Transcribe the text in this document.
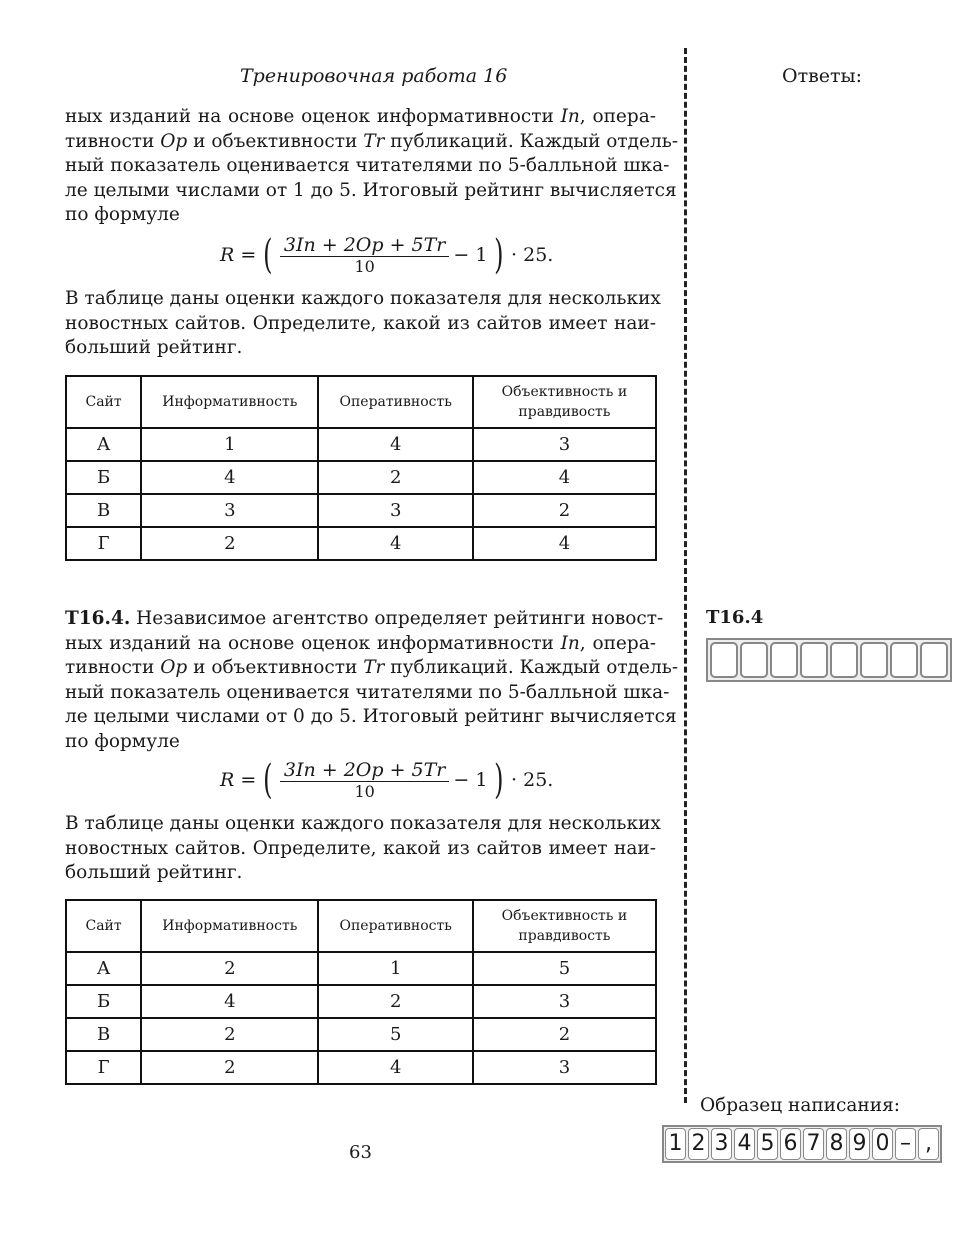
Тренировочная работа 16	Ответы:
ных изданий на основе оценок информативности In, опера-
тивности Op и объективности Tr публикаций. Каждый отдель-
ный показатель оценивается читателями по 5-балльной шка-
ле целыми числами от 1 до 5. Итоговый рейтинг вычисляется
по формуле
R = ( $\frac{3In + 2Op + 5Tr}{10} - 1$ ) · 25.
В таблице даны оценки каждого показателя для нескольких
новостных сайтов. Определите, какой из сайтов имеет наи-
больший рейтинг.
Сайт	Информативность	Оперативность	Объективность и правдивость
А	1	4	3
Б	4	2	4
В	3	3	2
Г	2	4	4
T16.4. Независимое агентство определяет рейтинги новост-
ных изданий на основе оценок информативности In, опера-
тивности Op и объективности Tr публикаций. Каждый отдель-
ный показатель оценивается читателями по 5-балльной шка-
ле целыми числами от 0 до 5. Итоговый рейтинг вычисляется
по формуле
R = ( $\frac{3In + 2Op + 5Tr}{10} - 1$ ) · 25.
В таблице даны оценки каждого показателя для нескольких
новостных сайтов. Определите, какой из сайтов имеет наи-
больший рейтинг.
Сайт	Информативность	Оперативность	Объективность и правдивость
А	2	1	5
Б	4	2	3
В	2	5	2
Г	2	4	3
T16.4
Образец написания:
1 2 3 4 5 6 7 8 9 0 – ,
63
